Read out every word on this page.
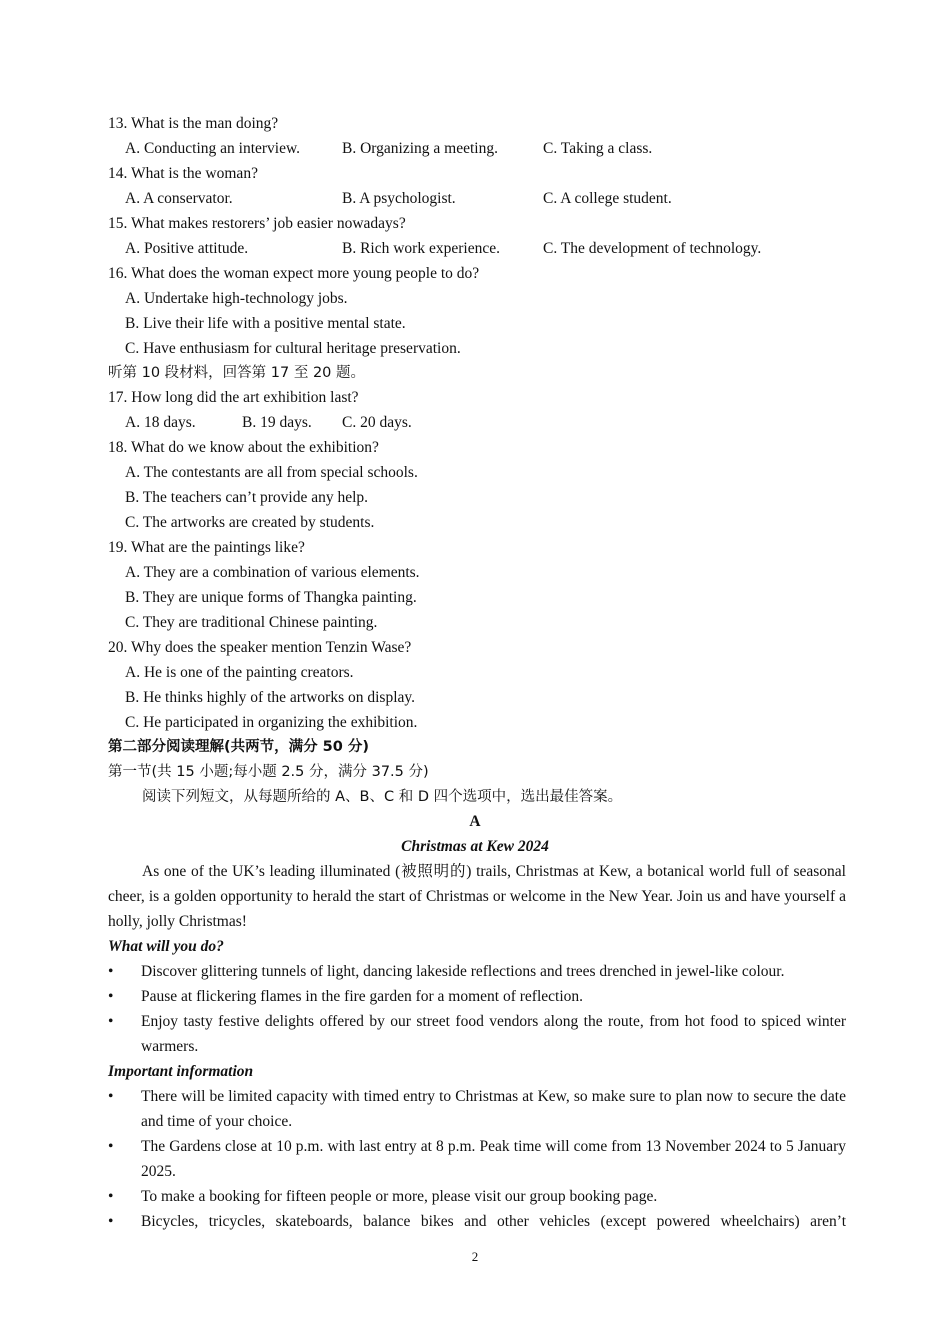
13. What is the man doing?
A. Conducting an interview.	B. Organizing a meeting.	C. Taking a class.
14. What is the woman?
A. A conservator.	B. A psychologist.	C. A college student.
15. What makes restorers’ job easier nowadays?
A. Positive attitude.	B. Rich work experience.	C. The development of technology.
16. What does the woman expect more young people to do?
A. Undertake high-technology jobs.
B. Live their life with a positive mental state.
C. Have enthusiasm for cultural heritage preservation.
听第 10 段材料，回答第 17 至 20 题。
17. How long did the art exhibition last?
A. 18 days.	B. 19 days. C. 20 days.
18. What do we know about the exhibition?
A. The contestants are all from special schools.
B. The teachers can’t provide any help.
C. The artworks are created by students.
19. What are the paintings like?
A. They are a combination of various elements.
B. They are unique forms of Thangka painting.
C. They are traditional Chinese painting.
20. Why does the speaker mention Tenzin Wase?
A. He is one of the painting creators.
B. He thinks highly of the artworks on display.
C. He participated in organizing the exhibition.
第二部分阅读理解(共两节，满分 50 分)
第一节(共 15 小题;每小题 2.5 分，满分 37.5 分)
阅读下列短文，从每题所给的 A、B、C 和 D 四个选项中，选出最佳答案。
A
Christmas at Kew 2024
As one of the UK’s leading illuminated (被照明的) trails, Christmas at Kew, a botanical world full of seasonal cheer, is a golden opportunity to herald the start of Christmas or welcome in the New Year. Join us and have yourself a holly, jolly Christmas!
What will you do?
• Discover glittering tunnels of light, dancing lakeside reflections and trees drenched in jewel-like colour.
• Pause at flickering flames in the fire garden for a moment of reflection.
• Enjoy tasty festive delights offered by our street food vendors along the route, from hot food to spiced winter warmers.
Important information
• There will be limited capacity with timed entry to Christmas at Kew, so make sure to plan now to secure the date and time of your choice.
• The Gardens close at 10 p.m. with last entry at 8 p.m. Peak time will come from 13 November 2024 to 5 January 2025.
• To make a booking for fifteen people or more, please visit our group booking page.
• Bicycles, tricycles, skateboards, balance bikes and other vehicles (except powered wheelchairs) aren’t
2
